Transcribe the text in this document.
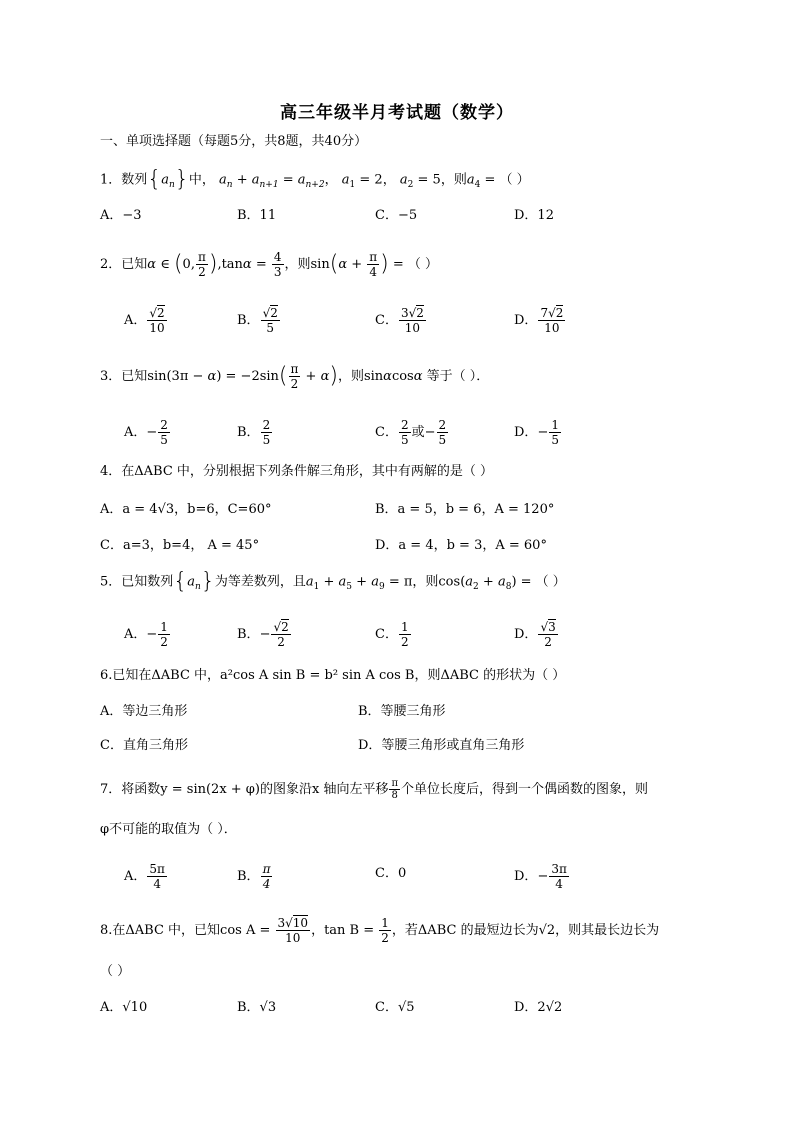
高三年级半月考试题（数学）
一、单项选择题（每题5分，共8题，共40分）
1．数列$\{a_n\}$中， $a_n + a_{n+1} = a_{n+2}$， $a_1 = 2$， $a_2 = 5$，则$a_4$ = （ ）
A．−3	B．11	C．−5	D．12
2．已知α ∈ (0, $\frac{\pi}{2} ),\tan\alpha = \frac{4}{3}$ ，则$\sin(\alpha + \frac{\pi}{4}$ ) = （ ）
A． $\frac{√2}{10}$	B． $\frac{√2}{5}$	C． $\frac{3√2}{10}$	D． $\frac{7√2}{10}$
3．已知$\sin(3\pi - \alpha) = -2\sin( \frac{\pi}{2} + \alpha)$，则sinαcosα 等于（ ）．
A．− $\frac{2}{5}$	B． $\frac{2}{5}$	C． $\frac{2}{5}$ 或− $\frac{2}{5}$	D．− $\frac{1}{5}$
4．在ΔABC 中，分别根据下列条件解三角形，其中有两解的是（ ）
A．a = 4√3，b=6，C=60°	B．a = 5，b = 6，A = 120°
C．a=3，b=4， A = 45°	D．a = 4，b = 3，A = 60°
5．已知数列$\{a_n\}$为等差数列，且$a_1 + a_5 + a_9 = \pi$，则$\cos(a_2 + a_8)$ = （ ）
A．− $\frac{1}{2}$	B．− $\frac{√2}{2}$	C． $\frac{1}{2}$	D． $\frac{√3}{2}$
6.已知在ΔABC 中，a²cos A sin B = b² sin A cos B，则ΔABC 的形状为（ ）
A．等边三角形	B．等腰三角形
C．直角三角形	D．等腰三角形或直角三角形
7．将函数y = sin(2x + φ)的图象沿x 轴向左平移 $\frac{\pi}{8}$ 个单位长度后，得到一个偶函数的图象，则
φ不可能的取值为（ ）．
A． $\frac{5\pi}{4}$	B． $\frac{\pi}{4}$	C．0	D．− $\frac{3\pi}{4}$
8.在ΔABC 中，已知$\cos A = \frac{3√10}{10}$ ，$\tan B = \frac{1}{2}$ ，若ΔABC 的最短边长为√2，则其最长边长为
（ ）
A．√10	B．√3	C．√5	D．2√2
